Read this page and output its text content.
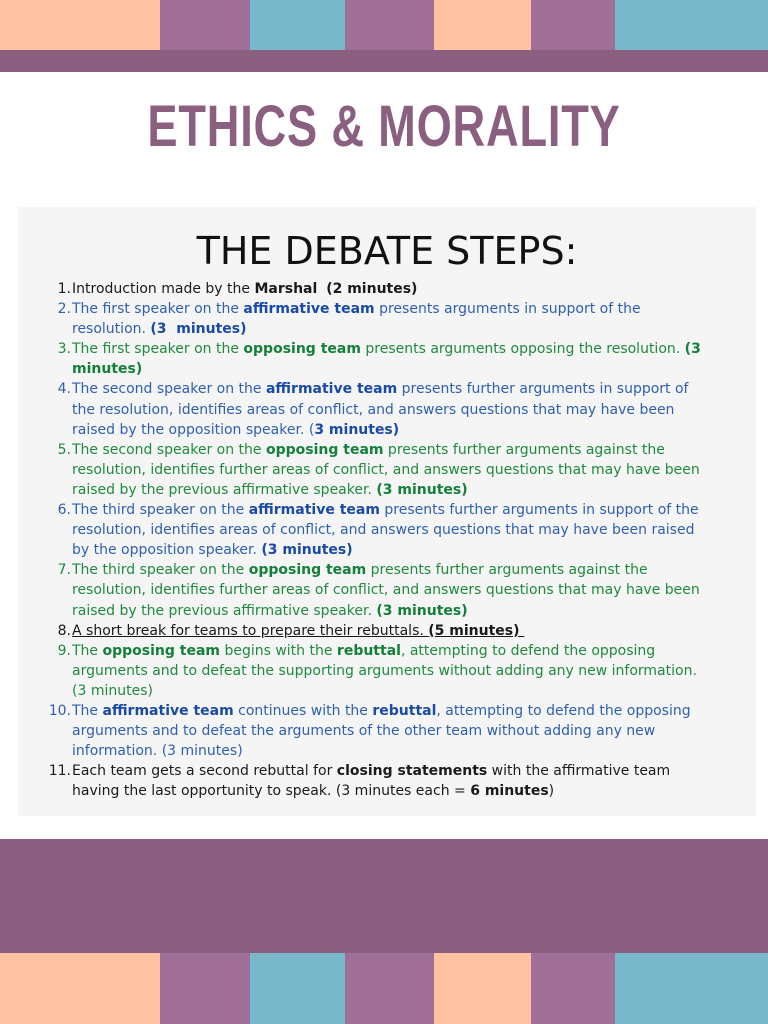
ETHICS & MORALITY
THE DEBATE STEPS:
1. Introduction made by the Marshal (2 minutes)
2. The first speaker on the affirmative team presents arguments in support of the resolution. (3  minutes)
3. The first speaker on the opposing team presents arguments opposing the resolution. (3 minutes)
4. The second speaker on the affirmative team presents further arguments in support of the resolution, identifies areas of conflict, and answers questions that may have been raised by the opposition speaker. (3 minutes)
5. The second speaker on the opposing team presents further arguments against the resolution, identifies further areas of conflict, and answers questions that may have been raised by the previous affirmative speaker. (3 minutes)
6. The third speaker on the affirmative team presents further arguments in support of the resolution, identifies areas of conflict, and answers questions that may have been raised by the opposition speaker. (3 minutes)
7. The third speaker on the opposing team presents further arguments against the resolution, identifies further areas of conflict, and answers questions that may have been raised by the previous affirmative speaker. (3 minutes)
8. A short break for teams to prepare their rebuttals. (5 minutes)
9. The opposing team begins with the rebuttal, attempting to defend the opposing arguments and to defeat the supporting arguments without adding any new information. (3 minutes)
10. The affirmative team continues with the rebuttal, attempting to defend the opposing arguments and to defeat the arguments of the other team without adding any new information. (3 minutes)
11. Each team gets a second rebuttal for closing statements with the affirmative team having the last opportunity to speak. (3 minutes each = 6 minutes)
